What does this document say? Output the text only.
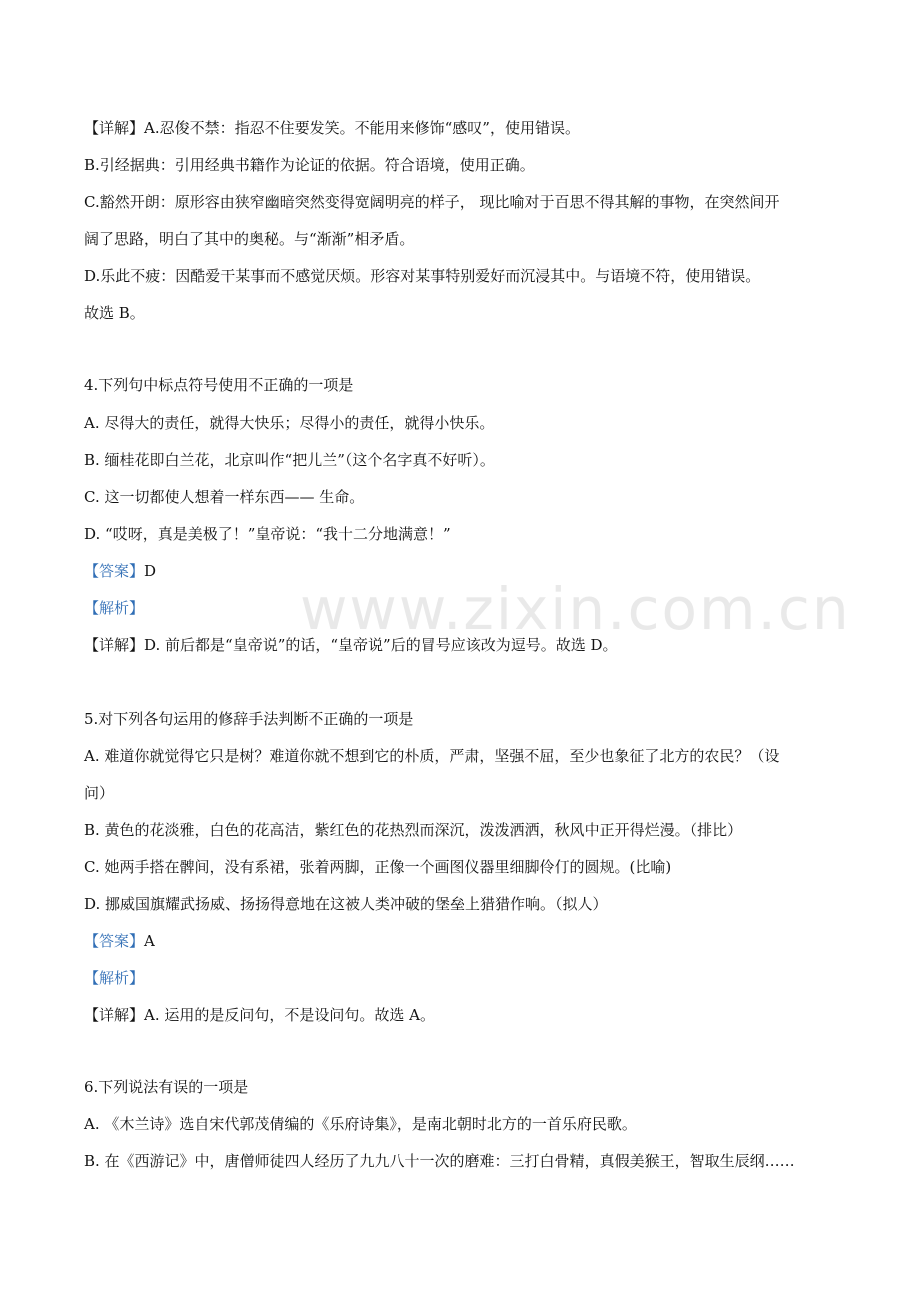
www.zixin.com.cn
【详解】A.忍俊不禁：指忍不住要发笑。不能用来修饰“感叹”，使用错误。
B.引经据典：引用经典书籍作为论证的依据。符合语境，使用正确。
C.豁然开朗：原形容由狭窄幽暗突然变得宽阔明亮的样子， 现比喻对于百思不得其解的事物，在突然间开
阔了思路，明白了其中的奥秘。与“渐渐”相矛盾。
D.乐此不疲：因酷爱干某事而不感觉厌烦。形容对某事特别爱好而沉浸其中。与语境不符，使用错误。
故选 B。
4.下列句中标点符号使用不正确的一项是
A. 尽得大的责任，就得大快乐；尽得小的责任，就得小快乐。
B. 缅桂花即白兰花，北京叫作“把儿兰”（这个名字真不好听）。
C. 这一切都使人想着一样东西—— 生命。
D. “哎呀，真是美极了！”皇帝说：“我十二分地满意！”
【答案】D
【解析】
【详解】D. 前后都是“皇帝说”的话，“皇帝说”后的冒号应该改为逗号。故选 D。
5.对下列各句运用的修辞手法判断不正确的一项是
A. 难道你就觉得它只是树？难道你就不想到它的朴质，严肃，坚强不屈，至少也象征了北方的农民？（设
问）
B. 黄色的花淡雅，白色的花高洁，紫红色的花热烈而深沉，泼泼洒洒，秋风中正开得烂漫。（排比）
C. 她两手搭在髀间，没有系裙，张着两脚，正像一个画图仪器里细脚伶仃的圆规。(比喻)
D. 挪威国旗耀武扬威、扬扬得意地在这被人类冲破的堡垒上猎猎作响。（拟人）
【答案】A
【解析】
【详解】A. 运用的是反问句，不是设问句。故选 A。
6.下列说法有误的一项是
A. 《木兰诗》选自宋代郭茂倩编的《乐府诗集》，是南北朝时北方的一首乐府民歌。
B. 在《西游记》中，唐僧师徒四人经历了九九八十一次的磨难：三打白骨精，真假美猴王，智取生辰纲……
